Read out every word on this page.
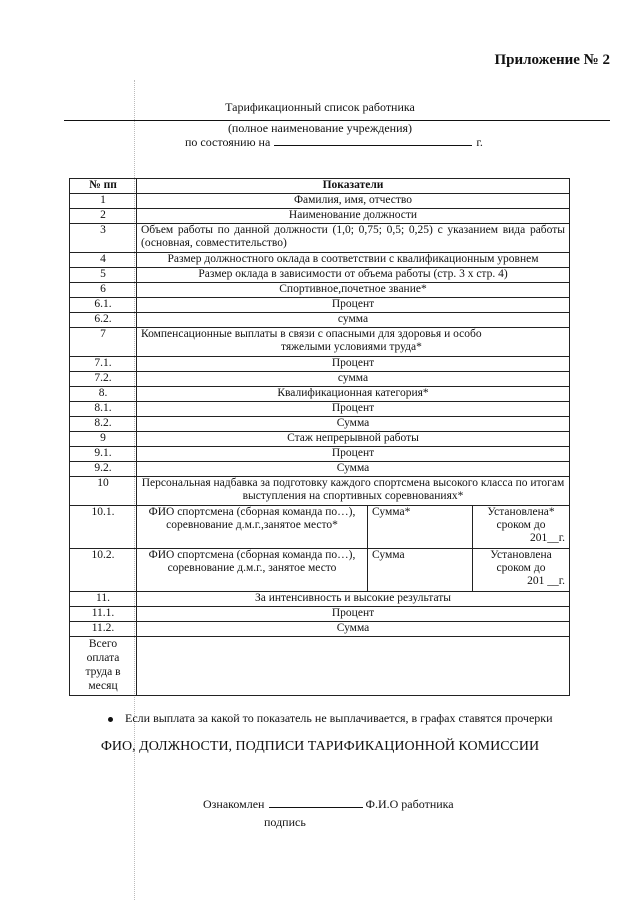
Приложение № 2
Тарификационный список работника
(полное наименование учреждения)
по состоянию на	г.
№ пп	Показатели		
1	Фамилия, имя, отчество		
2	Наименование должности		
3	Объем работы по данной должности (1,0; 0,75; 0,5; 0,25) с указанием вида работы (основная, совместительство)		
4	Размер должностного оклада в соответствии с квалификационным уровнем		
5	Размер оклада в зависимости от объема работы (стр. 3 х стр. 4)		
6	Спортивное,почетное звание*		
6.1.	Процент		
6.2.	сумма		
7	Компенсационные выплаты в связи с опасными для здоровья и особо
тяжелыми условиями труда*		

7.1.	Процент		
7.2.	сумма		
8.	Квалификационная категория*		
8.1.	Процент		
8.2.	Сумма		
9	Стаж непрерывной работы		
9.1.	Процент		
9.2.	Сумма		
10	Персональная надбавка за подготовку каждого спортсмена высокого класса по итогам выступления на спортивных соревнованиях*		
10.1.	ФИО спортсмена (сборная команда по…), соревнование д.м.г.,занятое место*	Сумма*	Установлена*
сроком до
201__г.

10.2.	ФИО спортсмена (сборная команда по…), соревнование д.м.г., занятое место	Сумма	Установлена
сроком до
201 __г.

11.	За интенсивность и высокие результаты		
11.1.	Процент		
11.2.	Сумма		
Всего оплата труда в месяц			
Если выплата за какой то показатель не выплачивается, в графах ставятся прочерки
ФИО, ДОЛЖНОСТИ, ПОДПИСИ ТАРИФИКАЦИОННОЙ КОМИССИИ
Ознакомлен	Ф.И.О работника
подпись
